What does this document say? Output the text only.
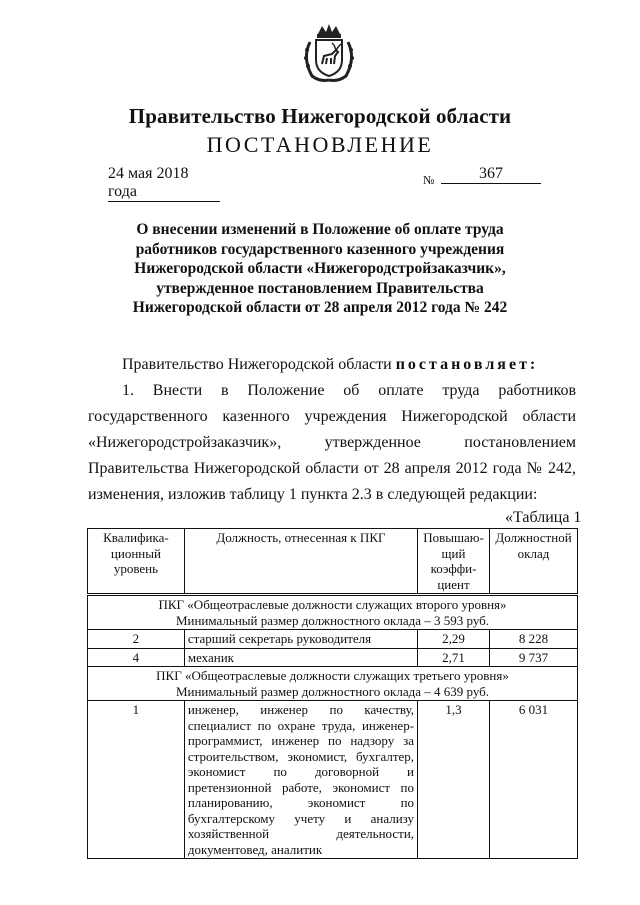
Правительство Нижегородской области
ПОСТАНОВЛЕНИЕ
24 мая 2018 года
№	367
О внесении изменений в Положение об оплате труда
работников государственного казенного учреждения
Нижегородской области «Нижегородстройзаказчик»,
утвержденное постановлением Правительства
Нижегородской области от 28 апреля 2012 года № 242
Правительство Нижегородской области постановляет:
1. Внести в Положение об оплате труда работников государственного казенного учреждения Нижегородской области «Нижегородстройзаказчик», утвержденное постановлением Правительства Нижегородской области от 28 апреля 2012 года № 242, изменения, изложив таблицу 1 пункта 2.3 в следующей редакции:
«Таблица 1
Квалифика-ционный уровень	Должность, отнесенная к ПКГ	Повышаю-щий коэффи-циент	Должностной оклад

ПКГ «Общеотраслевые должности служащих второго уровня»
Минимальный размер должностного оклада – 3 593 руб.			

2	старший секретарь руководителя	2,29	8 228
4	механик	2,71	9 737

ПКГ «Общеотраслевые должности служащих третьего уровня»
Минимальный размер должностного оклада – 4 639 руб.			

1	инженер, инженер по качеству, специалист по охране труда, инженер-программист, инженер по надзору за строительством, экономист, бухгалтер, экономист по договорной и претензионной работе, экономист по планированию, экономист по бухгалтерскому учету и анализу хозяйственной деятельности, документовед, аналитик	1,3	6 031
